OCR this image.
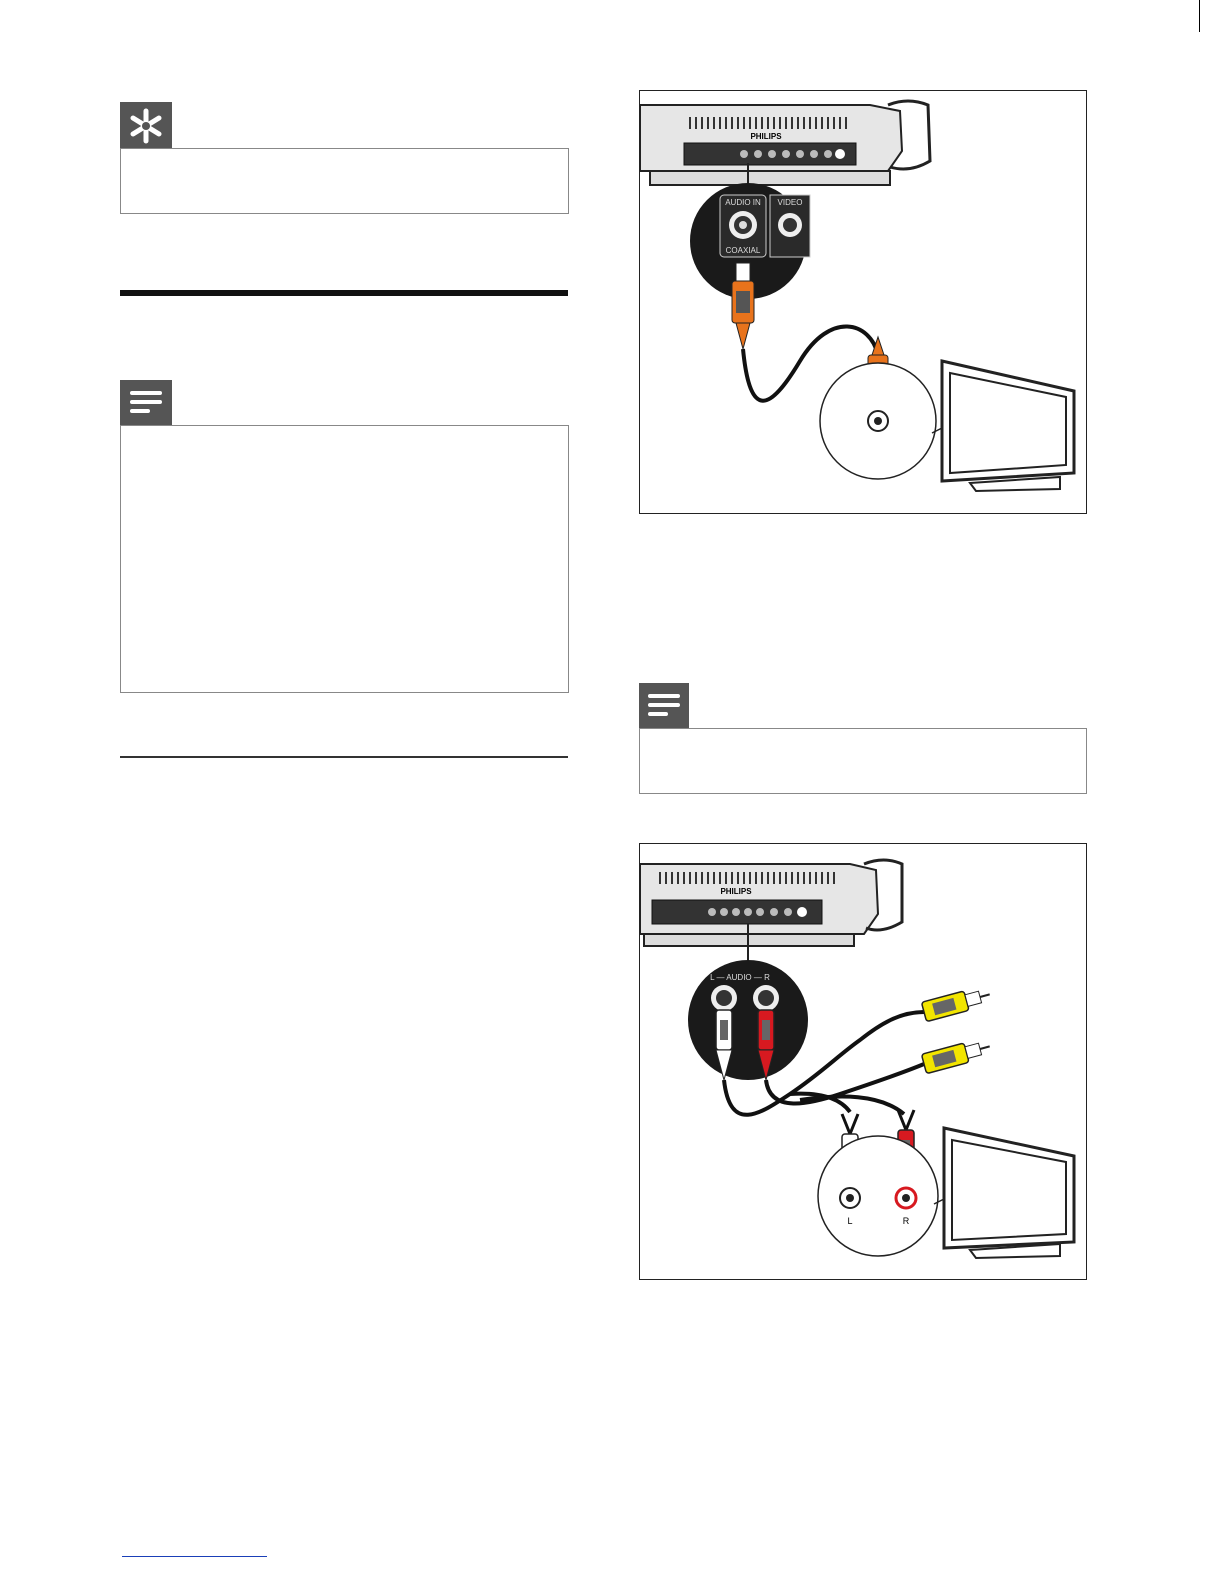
PHILIPS
AUDIO IN
COAXIAL
VIDEO
PHILIPS
L — AUDIO — R
L	R
